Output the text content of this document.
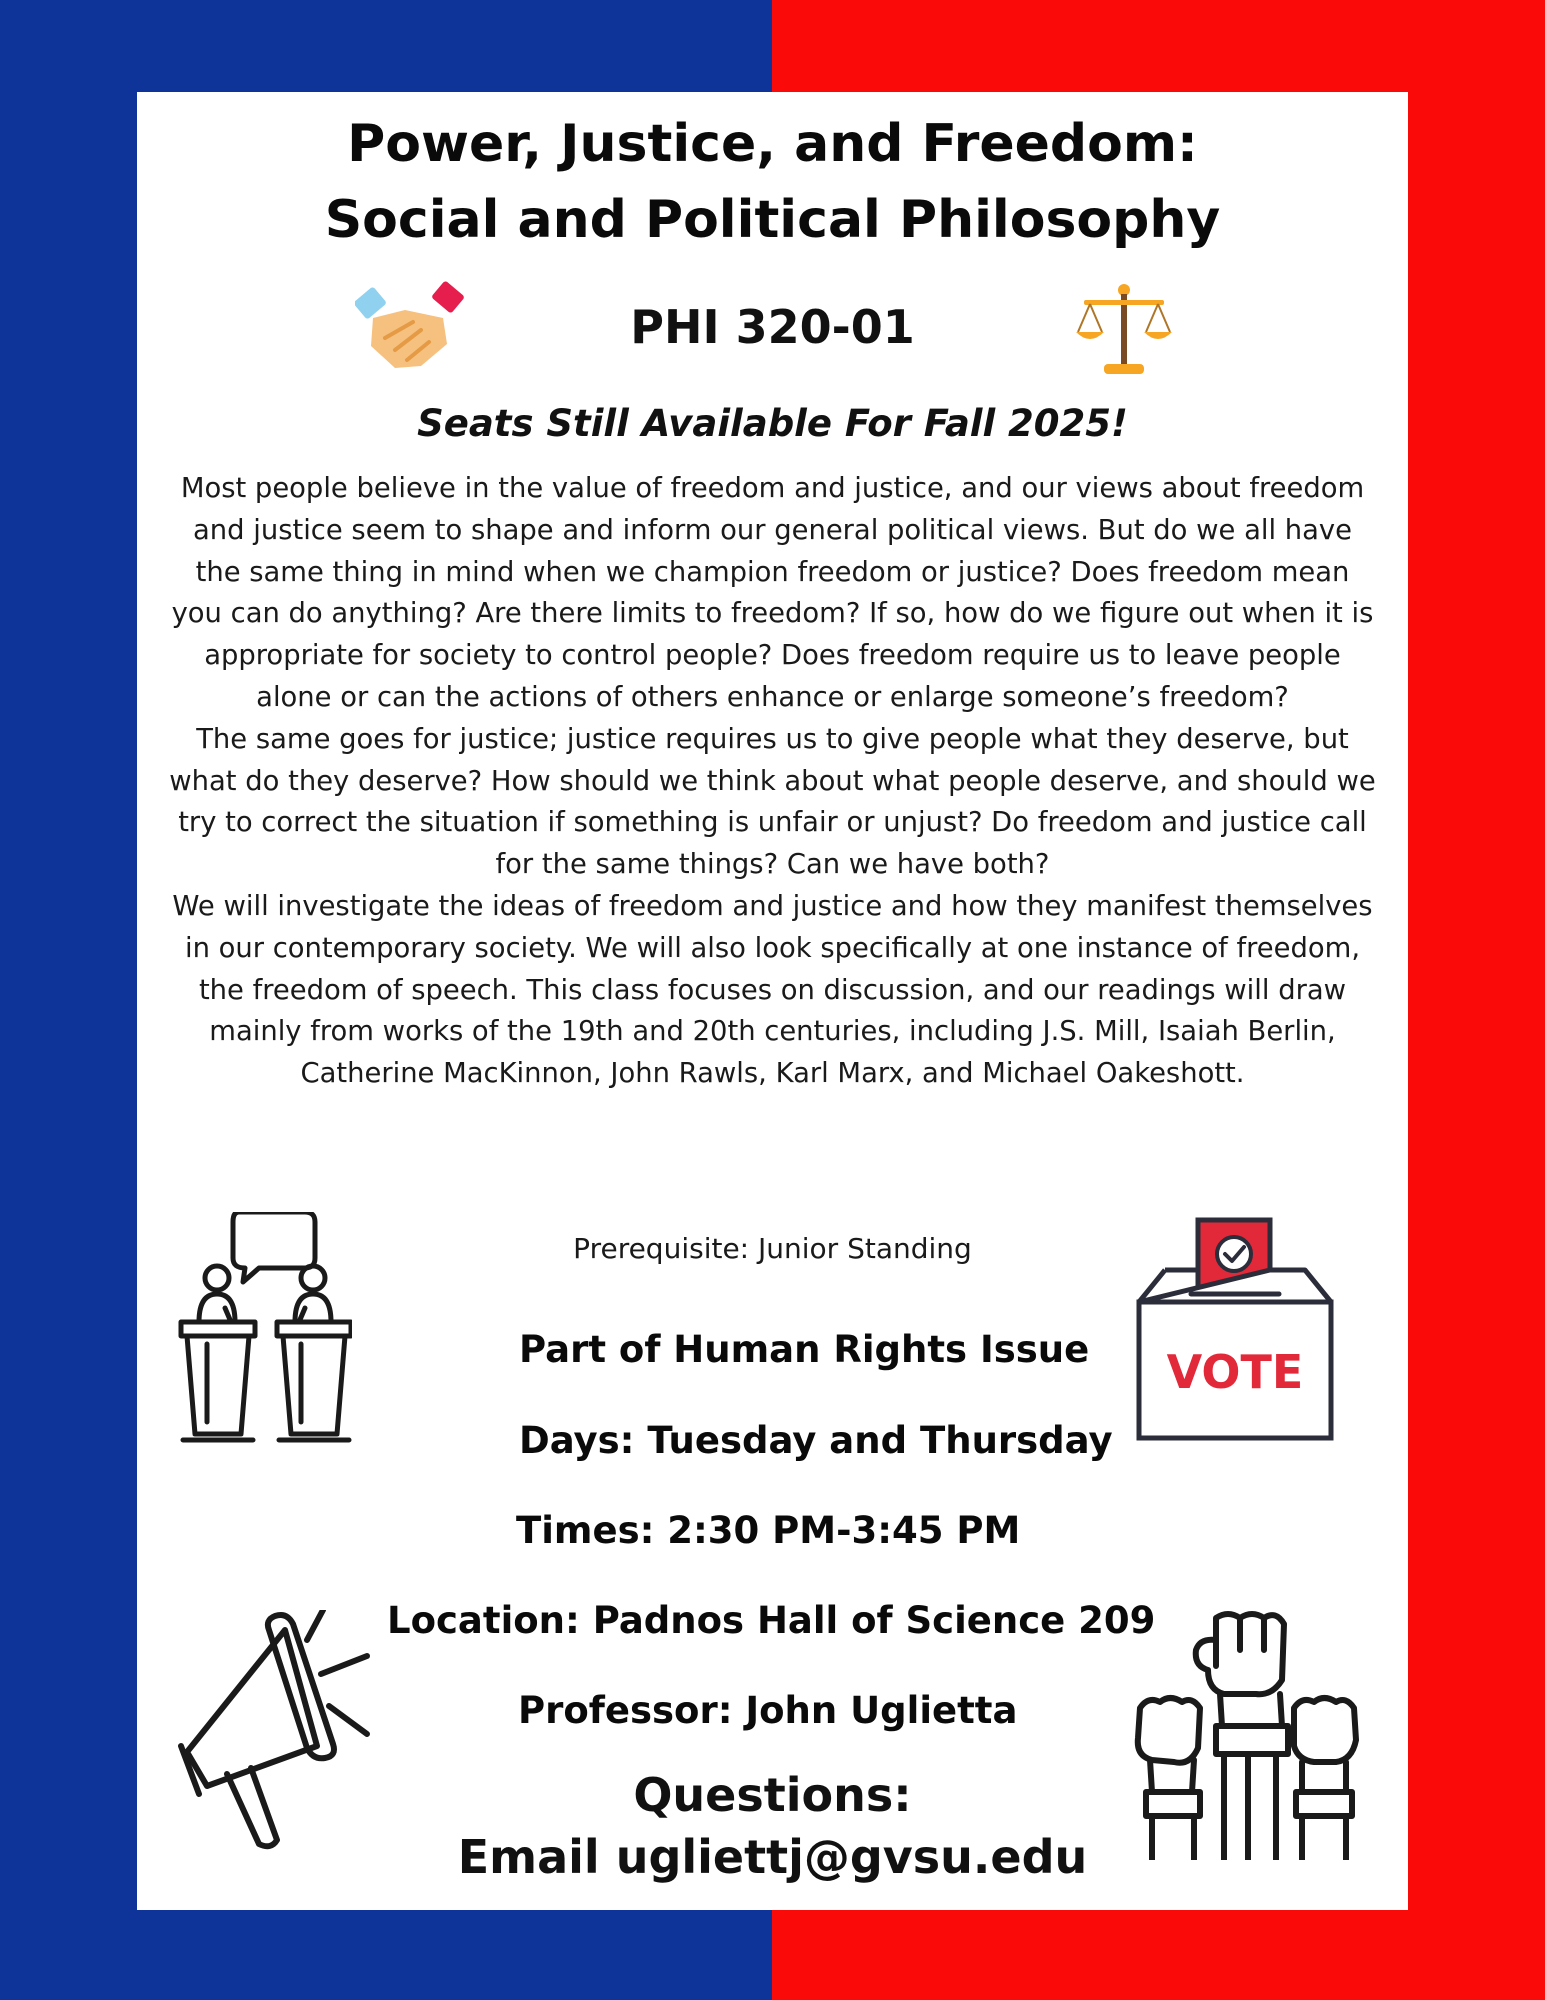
Power, Justice, and Freedom:
Social and Political Philosophy
PHI 320-01
Seats Still Available For Fall 2025!

Most people believe in the value of freedom and justice, and our views about freedom and justice seem to shape and inform our general political views. But do we all have the same thing in mind when we champion freedom or justice? Does freedom mean you can do anything? Are there limits to freedom? If so, how do we figure out when it is appropriate for society to control people? Does freedom require us to leave people alone or can the actions of others enhance or enlarge someone’s freedom?

The same goes for justice; justice requires us to give people what they deserve, but what do they deserve? How should we think about what people deserve, and should we try to correct the situation if something is unfair or unjust? Do freedom and justice call for the same things? Can we have both?

We will investigate the ideas of freedom and justice and how they manifest themselves in our contemporary society. We will also look specifically at one instance of freedom, the freedom of speech. This class focuses on discussion, and our readings will draw mainly from works of the 19th and 20th centuries, including J.S. Mill, Isaiah Berlin, Catherine MacKinnon, John Rawls, Karl Marx, and Michael Oakeshott.

Prerequisite: Junior Standing
VOTE
Part of Human Rights Issue
Days: Tuesday and Thursday
Times: 2:30 PM-3:45 PM
Location: Padnos Hall of Science 209
Professor: John Uglietta
Questions:
Email ugliettj@gvsu.edu
